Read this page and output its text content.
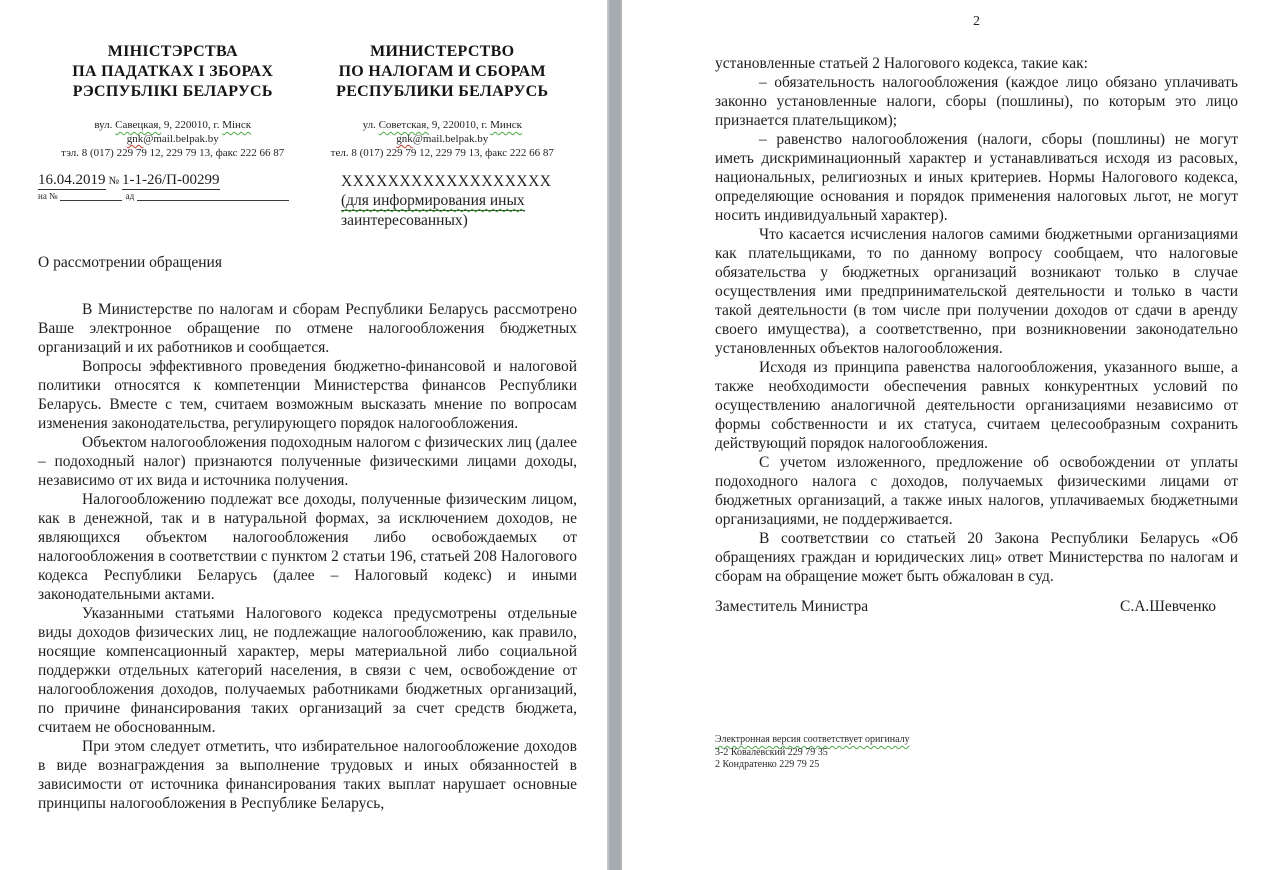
МІНІСТЭРСТВА
ПА ПАДАТКАХ І ЗБОРАХ
РЭСПУБЛІКІ БЕЛАРУСЬ
вул. Савецкая, 9, 220010, г. Мінск
gnk@mail.belpak.by
тэл. 8 (017) 229 79 12, 229 79 13, факс 222 66 87
МИНИСТЕРСТВО
ПО НАЛОГАМ И СБОРАМ
РЕСПУБЛИКИ БЕЛАРУСЬ
ул. Советская, 9, 220010, г. Минск
gnk@mail.belpak.by
тел. 8 (017) 229 79 12, 229 79 13, факс 222 66 87
16.04.2019 № 1-1-26/П-00299
на №	ад
ХХХХХХХХХХХХХХХХХХ
(для информирования иных
заинтересованных)
О рассмотрении обращения

В Министерстве по налогам и сборам Республики Беларусь рассмотрено Ваше электронное обращение по отмене налогообложения бюджетных организаций и их работников и сообщается.

Вопросы эффективного проведения бюджетно-финансовой и налоговой политики относятся к компетенции Министерства финансов Республики Беларусь. Вместе с тем, считаем возможным высказать мнение по вопросам изменения законодательства, регулирующего порядок налогообложения.

Объектом налогообложения подоходным налогом с физических лиц (далее – подоходный налог) признаются полученные физическими лицами доходы, независимо от их вида и источника получения.

Налогообложению подлежат все доходы, полученные физическим лицом, как в денежной, так и в натуральной формах, за исключением доходов, не являющихся объектом налогообложения либо освобождаемых от налогообложения в соответствии с пунктом 2 статьи 196, статьей 208 Налогового кодекса Республики Беларусь (далее – Налоговый кодекс) и иными законодательными актами.

Указанными статьями Налогового кодекса предусмотрены отдельные виды доходов физических лиц, не подлежащие налогообложению, как правило, носящие компенсационный характер, меры материальной либо социальной поддержки отдельных категорий населения, в связи с чем, освобождение от налогообложения доходов, получаемых работниками бюджетных организаций, по причине финансирования таких организаций за счет средств бюджета, считаем не обоснованным.

При этом следует отметить, что избирательное налогообложение доходов в виде вознаграждения за выполнение трудовых и иных обязанностей в зависимости от источника финансирования таких выплат нарушает основные принципы налогообложения в Республике Беларусь,

2

установленные статьей 2 Налогового кодекса, такие как:

– обязательность налогообложения (каждое лицо обязано уплачивать законно установленные налоги, сборы (пошлины), по которым это лицо признается плательщиком);

– равенство налогообложения (налоги, сборы (пошлины) не могут иметь дискриминационный характер и устанавливаться исходя из расовых, национальных, религиозных и иных критериев. Нормы Налогового кодекса, определяющие основания и порядок применения налоговых льгот, не могут носить индивидуальный характер).

Что касается исчисления налогов самими бюджетными организациями как плательщиками, то по данному вопросу сообщаем, что налоговые обязательства у бюджетных организаций возникают только в случае осуществления ими предпринимательской деятельности и только в части такой деятельности (в том числе при получении доходов от сдачи в аренду своего имущества), а соответственно, при возникновении законодательно установленных объектов налогообложения.

Исходя из принципа равенства налогообложения, указанного выше, а также необходимости обеспечения равных конкурентных условий по осуществлению аналогичной деятельности организациями независимо от формы собственности и их статуса, считаем целесообразным сохранить действующий порядок налогообложения.

С учетом изложенного, предложение об освобождении от уплаты подоходного налога с доходов, получаемых физическими лицами от бюджетных организаций, а также иных налогов, уплачиваемых бюджетными организациями, не поддерживается.

В соответствии со статьей 20 Закона Республики Беларусь «Об обращениях граждан и юридических лиц» ответ Министерства по налогам и сборам на обращение может быть обжалован в суд.

Заместитель Министра	С.А.Шевченко
Электронная версия соответствует оригиналу
3-2 Ковалевский 229 79 35
2 Кондратенко 229 79 25
